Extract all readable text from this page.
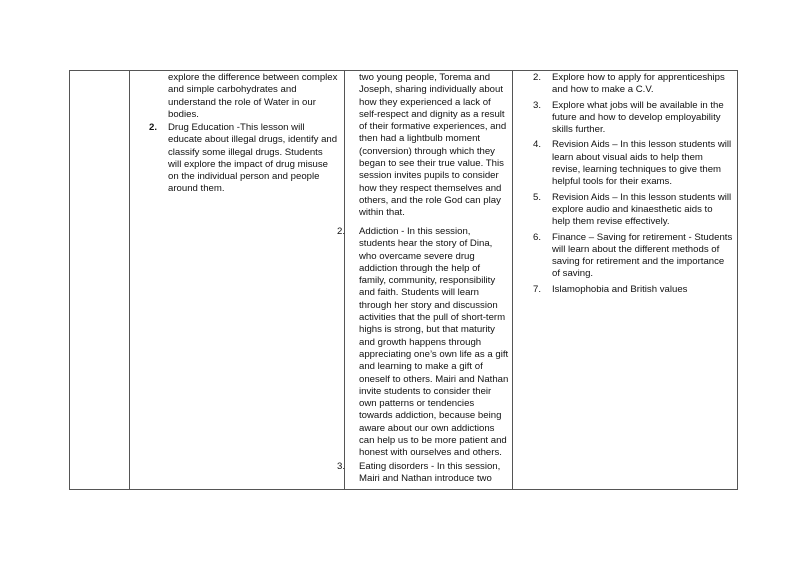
explore the difference between complex and simple carbohydrates and understand the role of Water in our bodies.
2. Drug Education -This lesson will educate about illegal drugs, identify and classify some illegal drugs. Students will explore the impact of drug misuse on the individual person and people around them.

two young people, Torema and Joseph, sharing individually about how they experienced a lack of self-respect and dignity as a result of their formative experiences, and then had a lightbulb moment (conversion) through which they began to see their true value. This session invites pupils to consider how they respect themselves and others, and the role God can play within that.
2. Addiction - In this session, students hear the story of Dina, who overcame severe drug addiction through the help of family, community, responsibility and faith. Students will learn through her story and discussion activities that the pull of short-term highs is strong, but that maturity and growth happens through appreciating one’s own life as a gift and learning to make a gift of oneself to others. Mairi and Nathan invite students to consider their own patterns or tendencies towards addiction, because being aware about our own addictions can help us to be more patient and honest with ourselves and others.
3. Eating disorders - In this session, Mairi and Nathan introduce two

2. Explore how to apply for apprenticeships and how to make a C.V.
3. Explore what jobs will be available in the future and how to develop employability skills further.
4. Revision Aids – In this lesson students will learn about visual aids to help them revise, learning techniques to give them helpful tools for their exams.
5. Revision Aids – In this lesson students will explore audio and kinaesthetic aids to help them revise effectively.
6. Finance – Saving for retirement - Students will learn about the different methods of saving for retirement and the importance of saving.
7. Islamophobia and British values
